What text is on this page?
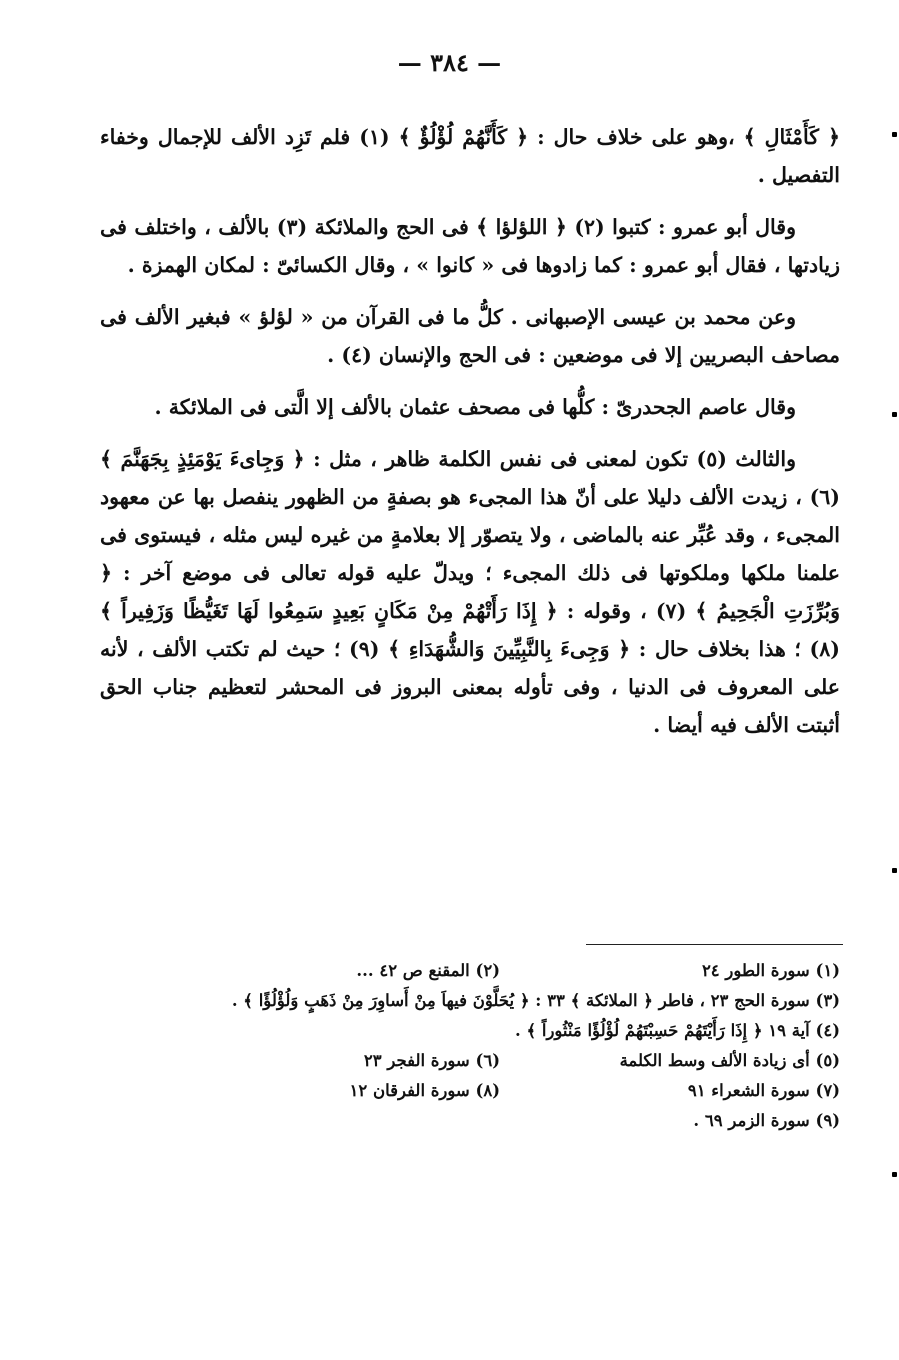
— ٣٨٤ —

﴿ كَأَمْثَالِ ﴾ ،وهو على خلاف حال : ﴿ كَأَنَّهُمْ لُؤْلُؤٌ ﴾ (١) فلم تَزِد الألف للإجمال وخفاء التفصيل .

وقال أبو عمرو : كتبوا (٢) ﴿ اللؤلؤا ﴾ فى الحج والملائكة (٣) بالألف ، واختلف فى زيادتها ، فقال أبو عمرو : كما زادوها فى « كانوا » ، وقال الكسائىّ : لمكان الهمزة .

وعن محمد بن عيسى الإصبهانى . كلُّ ما فى القرآن من « لؤلؤ » فبغير الألف فى مصاحف البصريين إلا فى موضعين : فى الحج والإنسان (٤) .

وقال عاصم الجحدرىّ : كلُّها فى مصحف عثمان بالألف إلا الَّتى فى الملائكة .

والثالث (٥) تكون لمعنى فى نفس الكلمة ظاهر ، مثل : ﴿ وَجِاىءَ يَوْمَئِذٍ بِجَهَنَّمَ ﴾ (٦) ، زيدت الألف دليلا على أنّ هذا المجىء هو بصفةٍ من الظهور ينفصل بها عن معهود المجىء ، وقد عُبِّر عنه بالماضى ، ولا يتصوّر إلا بعلامةٍ من غيره ليس مثله ، فيستوى فى علمنا ملكها وملكوتها فى ذلك المجىء ؛ ويدلّ عليه قوله تعالى فى موضع آخر : ﴿ وَبُرِّزَتِ الْجَحِيمُ ﴾ (٧) ، وقوله : ﴿ إِذَا رَأَتْهُمْ مِنْ مَكَانٍ بَعِيدٍ سَمِعُوا لَهَا تَغَيُّظًا وَزَفِيراً ﴾ (٨) ؛ هذا بخلاف حال : ﴿ وَجِىءَ بِالنَّبِيِّينَ وَالشُّهَدَاءِ ﴾ (٩) ؛ حيث لم تكتب الألف ، لأنه على المعروف فى الدنيا ، وفى تأوله بمعنى البروز فى المحشر لتعظيم جناب الحق أثبتت الألف فيه أيضا .

(١) سورة الطور ٢٤
(٢) المقنع ص ٤٢ ...
(٣) سورة الحج ٢٣ ، فاطر ﴿ الملائكة ﴾ ٣٣ : ﴿ يُحَلَّوْنَ فيهاَ مِنْ أَساوِرَ مِنْ ذَهَبٍ وَلُؤْلُؤًا ﴾ .
(٤) آية ١٩ ﴿ إِذَا رَأَيْتَهُمْ حَسِبْتَهُمْ لُؤْلُؤًا مَنْثُوراً ﴾ .
(٥) أى زيادة الألف وسط الكلمة
(٦) سورة الفجر ٢٣
(٧) سورة الشعراء ٩١
(٨) سورة الفرقان ١٢
(٩) سورة الزمر ٦٩ .
